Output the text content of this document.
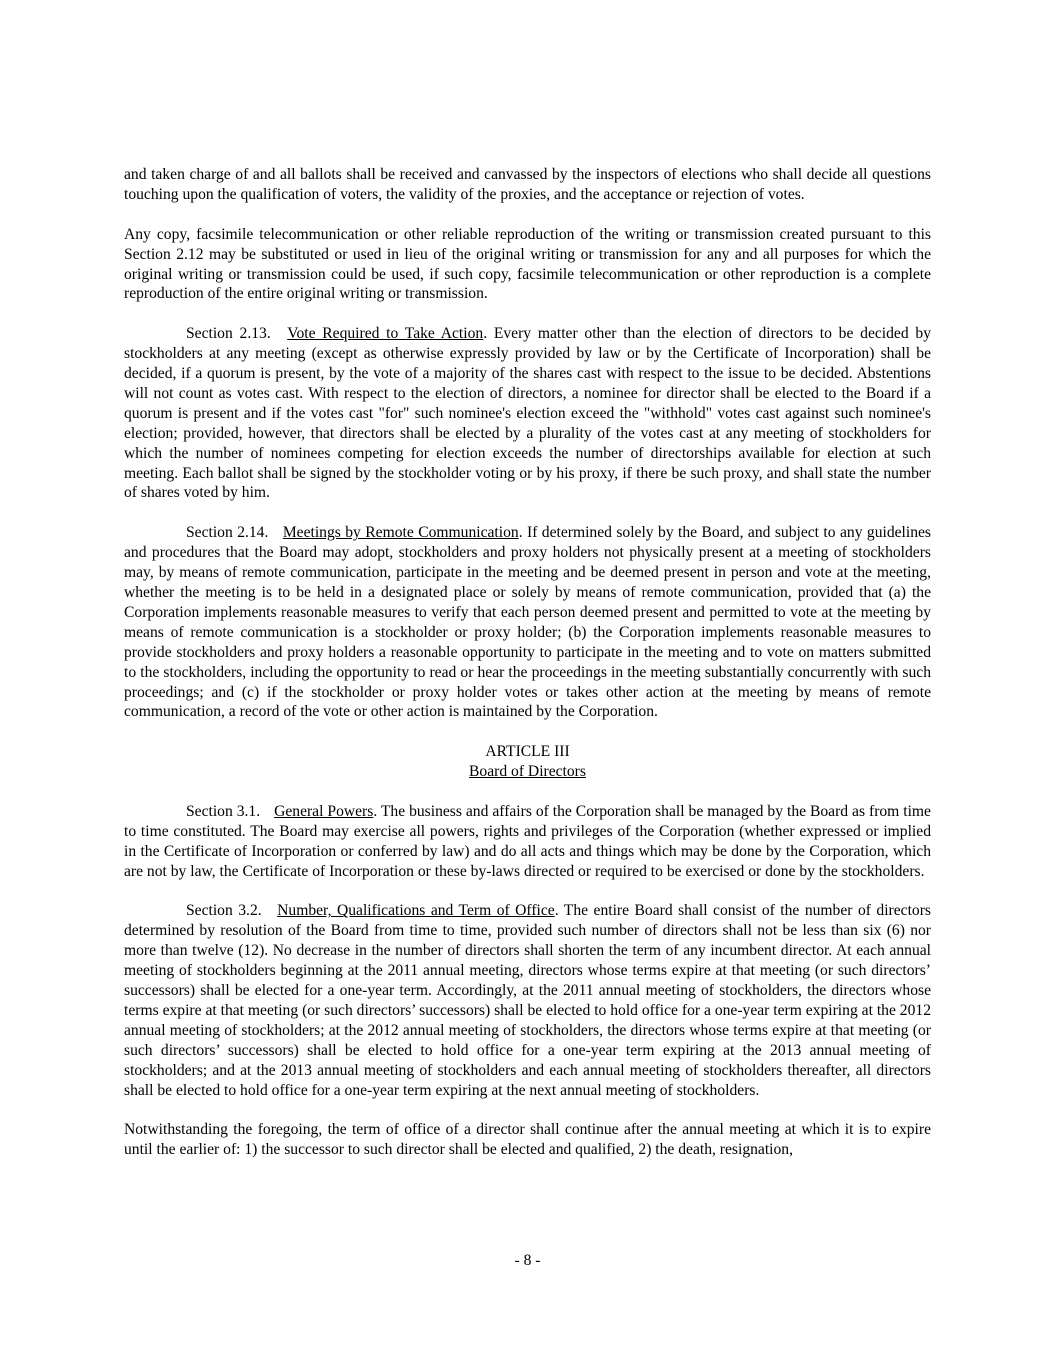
and taken charge of and all ballots shall be received and canvassed by the inspectors of elections who shall decide all questions touching upon the qualification of voters, the validity of the proxies, and the acceptance or rejection of votes.

Any copy, facsimile telecommunication or other reliable reproduction of the writing or transmission created pursuant to this Section 2.12 may be substituted or used in lieu of the original writing or transmission for any and all purposes for which the original writing or transmission could be used, if such copy, facsimile telecommunication or other reproduction is a complete reproduction of the entire original writing or transmission.

Section 2.13. Vote Required to Take Action. Every matter other than the election of directors to be decided by stockholders at any meeting (except as otherwise expressly provided by law or by the Certificate of Incorporation) shall be decided, if a quorum is present, by the vote of a majority of the shares cast with respect to the issue to be decided. Abstentions will not count as votes cast. With respect to the election of directors, a nominee for director shall be elected to the Board if a quorum is present and if the votes cast "for" such nominee's election exceed the "withhold" votes cast against such nominee's election; provided, however, that directors shall be elected by a plurality of the votes cast at any meeting of stockholders for which the number of nominees competing for election exceeds the number of directorships available for election at such meeting. Each ballot shall be signed by the stockholder voting or by his proxy, if there be such proxy, and shall state the number of shares voted by him.

Section 2.14. Meetings by Remote Communication. If determined solely by the Board, and subject to any guidelines and procedures that the Board may adopt, stockholders and proxy holders not physically present at a meeting of stockholders may, by means of remote communication, participate in the meeting and be deemed present in person and vote at the meeting, whether the meeting is to be held in a designated place or solely by means of remote communication, provided that (a) the Corporation implements reasonable measures to verify that each person deemed present and permitted to vote at the meeting by means of remote communication is a stockholder or proxy holder; (b) the Corporation implements reasonable measures to provide stockholders and proxy holders a reasonable opportunity to participate in the meeting and to vote on matters submitted to the stockholders, including the opportunity to read or hear the proceedings in the meeting substantially concurrently with such proceedings; and (c) if the stockholder or proxy holder votes or takes other action at the meeting by means of remote communication, a record of the vote or other action is maintained by the Corporation.

ARTICLE III
Board of Directors

Section 3.1. General Powers. The business and affairs of the Corporation shall be managed by the Board as from time to time constituted. The Board may exercise all powers, rights and privileges of the Corporation (whether expressed or implied in the Certificate of Incorporation or conferred by law) and do all acts and things which may be done by the Corporation, which are not by law, the Certificate of Incorporation or these by-laws directed or required to be exercised or done by the stockholders.

Section 3.2. Number, Qualifications and Term of Office. The entire Board shall consist of the number of directors determined by resolution of the Board from time to time, provided such number of directors shall not be less than six (6) nor more than twelve (12). No decrease in the number of directors shall shorten the term of any incumbent director. At each annual meeting of stockholders beginning at the 2011 annual meeting, directors whose terms expire at that meeting (or such directors’ successors) shall be elected for a one-year term. Accordingly, at the 2011 annual meeting of stockholders, the directors whose terms expire at that meeting (or such directors’ successors) shall be elected to hold office for a one-year term expiring at the 2012 annual meeting of stockholders; at the 2012 annual meeting of stockholders, the directors whose terms expire at that meeting (or such directors’ successors) shall be elected to hold office for a one-year term expiring at the 2013 annual meeting of stockholders; and at the 2013 annual meeting of stockholders and each annual meeting of stockholders thereafter, all directors shall be elected to hold office for a one-year term expiring at the next annual meeting of stockholders.

Notwithstanding the foregoing, the term of office of a director shall continue after the annual meeting at which it is to expire until the earlier of: 1) the successor to such director shall be elected and qualified, 2) the death, resignation,

- 8 -
